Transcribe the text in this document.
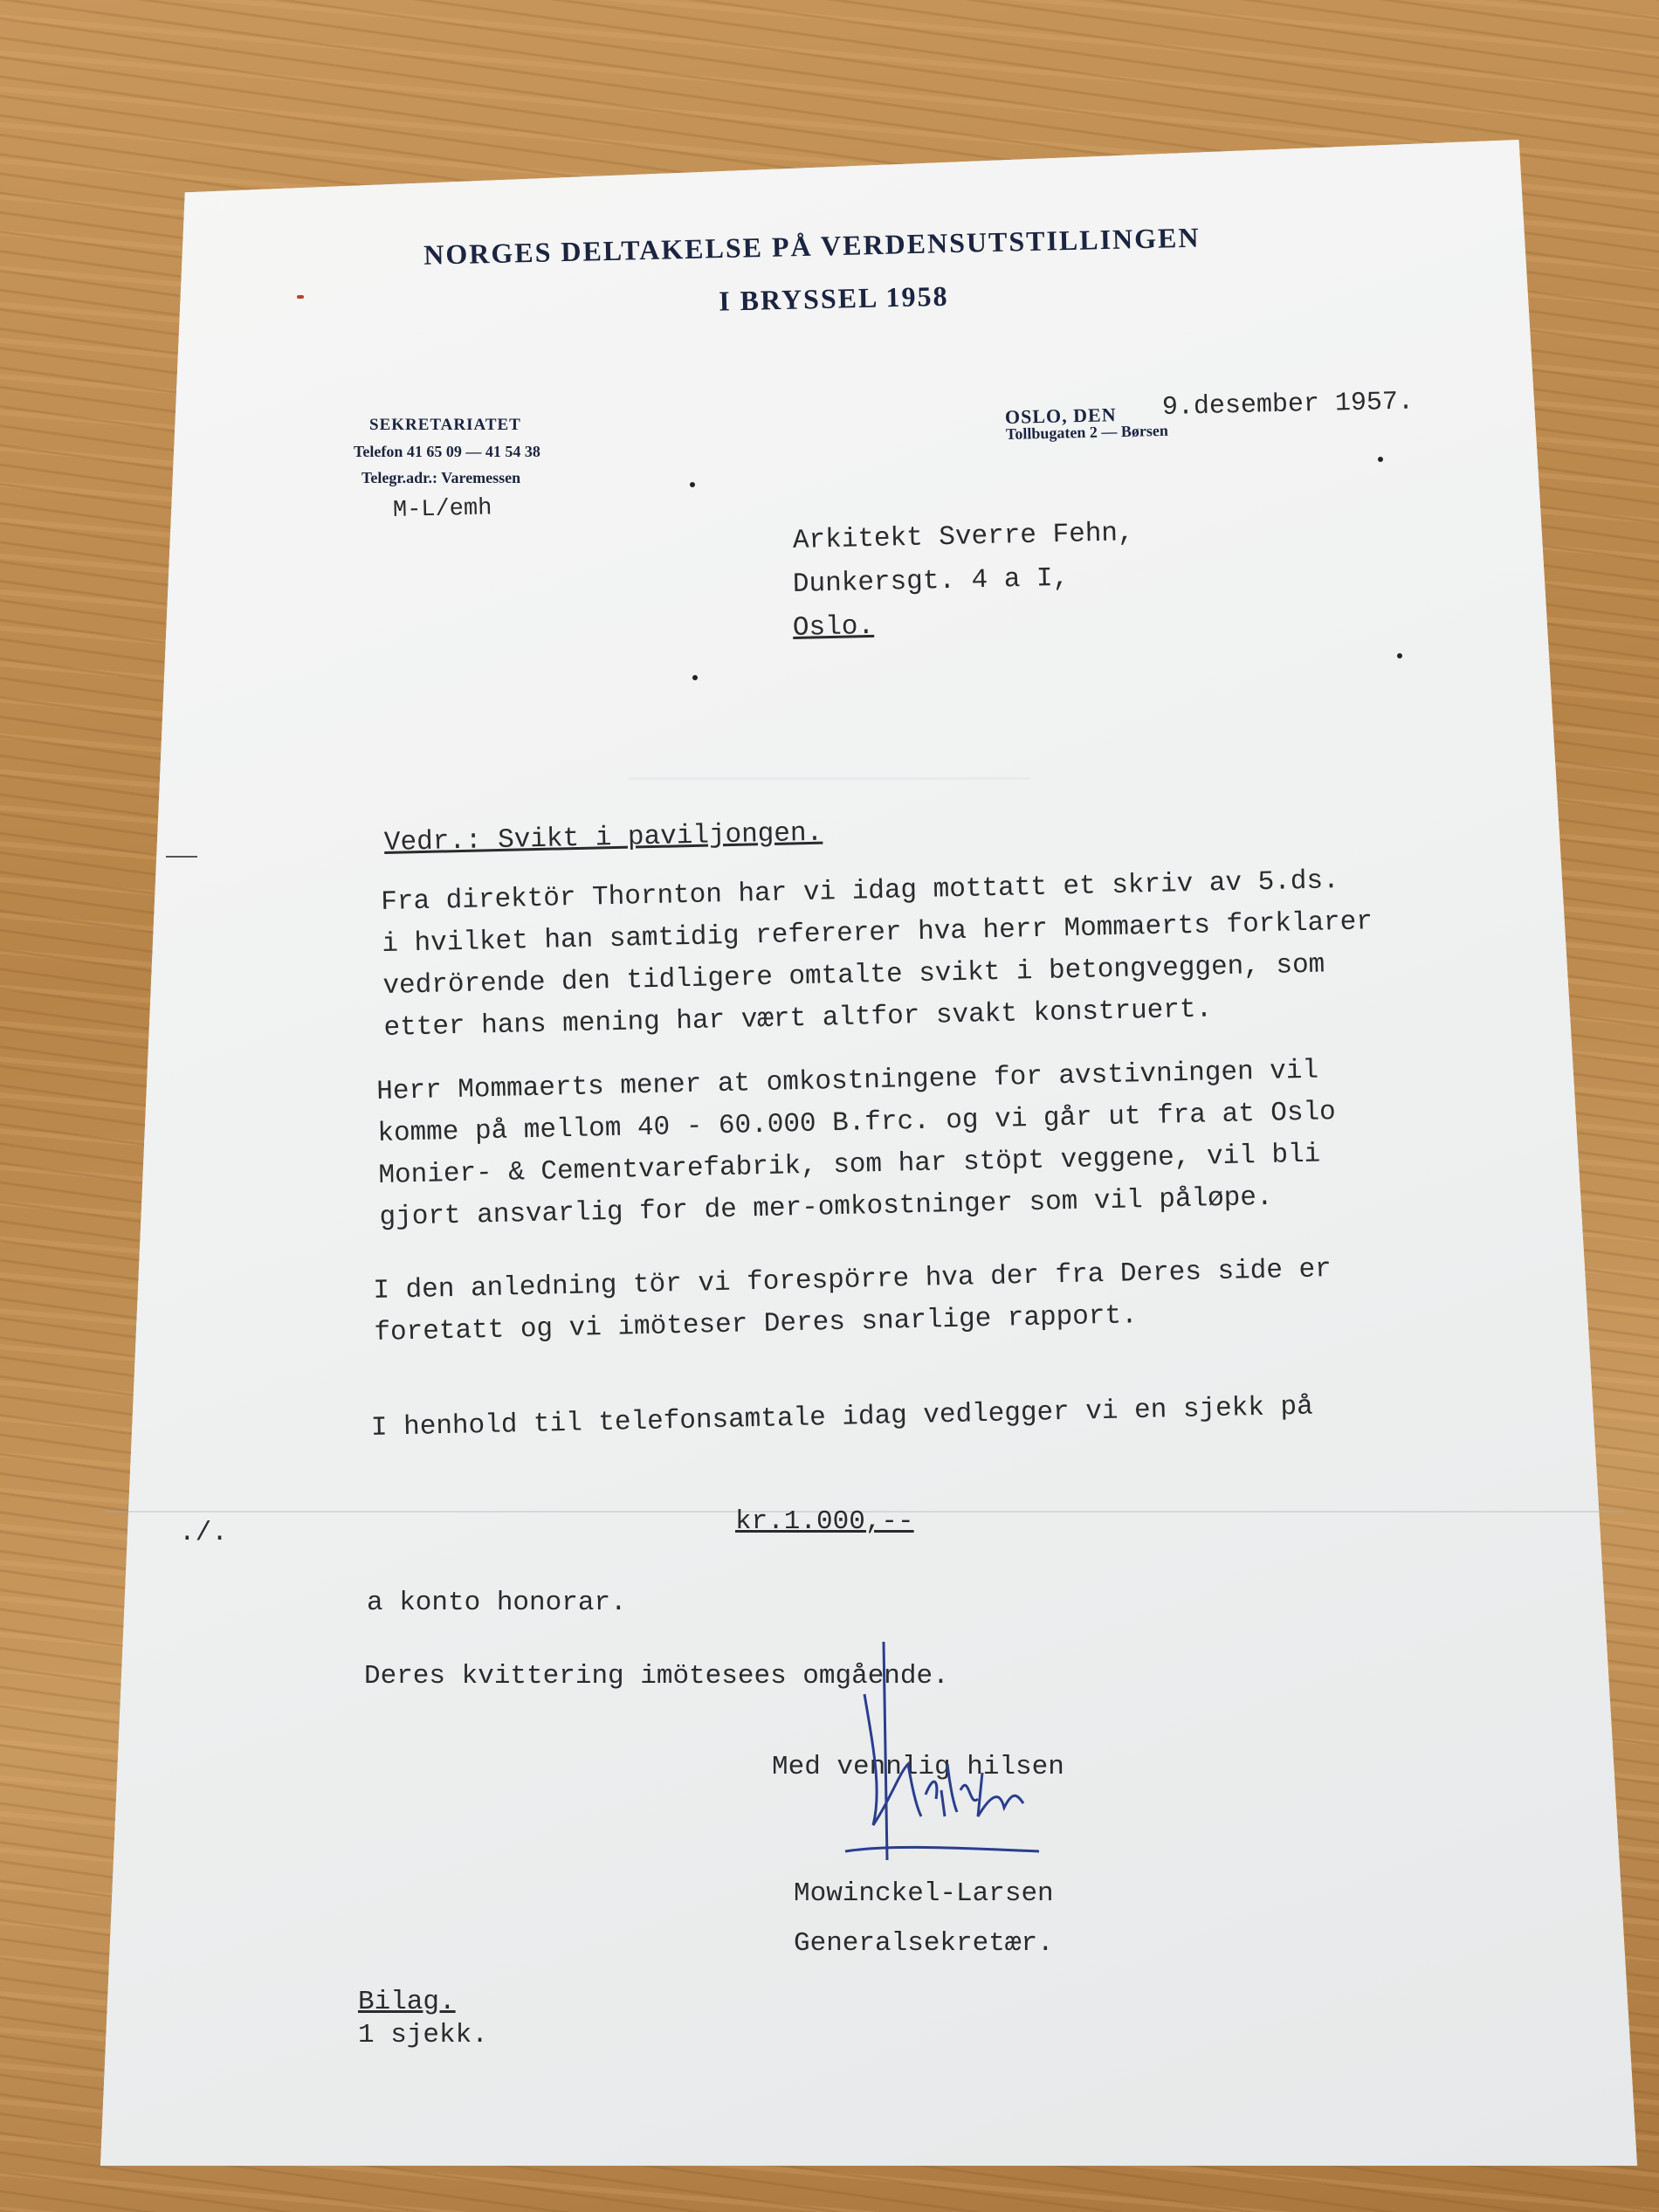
NORGES DELTAKELSE PÅ VERDENSUTSTILLINGEN
I BRYSSEL 1958
SEKRETARIATET
Telefon 41 65 09 — 41 54 38
Telegr.adr.: Varemessen
M-L/emh
OSLO, DEN 9.desember 1957.
Tollbugaten 2 — Børsen
Arkitekt Sverre Fehn,
Dunkersgt. 4 a I,
Oslo.
Vedr.: Svikt i paviljongen.

Fra direktör Thornton har vi idag mottatt et skriv av 5.ds.

i hvilket han samtidig refererer hva herr Mommaerts forklarer

vedrörende den tidligere omtalte svikt i betongveggen, som

etter hans mening har vært altfor svakt konstruert.

Herr Mommaerts mener at omkostningene for avstivningen vil

komme på mellom 40 - 60.000 B.frc. og vi går ut fra at Oslo

Monier- & Cementvarefabrik, som har stöpt veggene, vil bli

gjort ansvarlig for de mer-omkostninger som vil påløpe.

I den anledning tör vi forespörre hva der fra Deres side er

foretatt og vi imöteser Deres snarlige rapport.

I henhold til telefonsamtale idag vedlegger vi en sjekk på
./.	kr.1.000,--
a konto honorar.
Deres kvittering imötesees omgående.
Med vennlig hilsen
Mowinckel-Larsen
Generalsekretær.
Bilag.
1 sjekk.
